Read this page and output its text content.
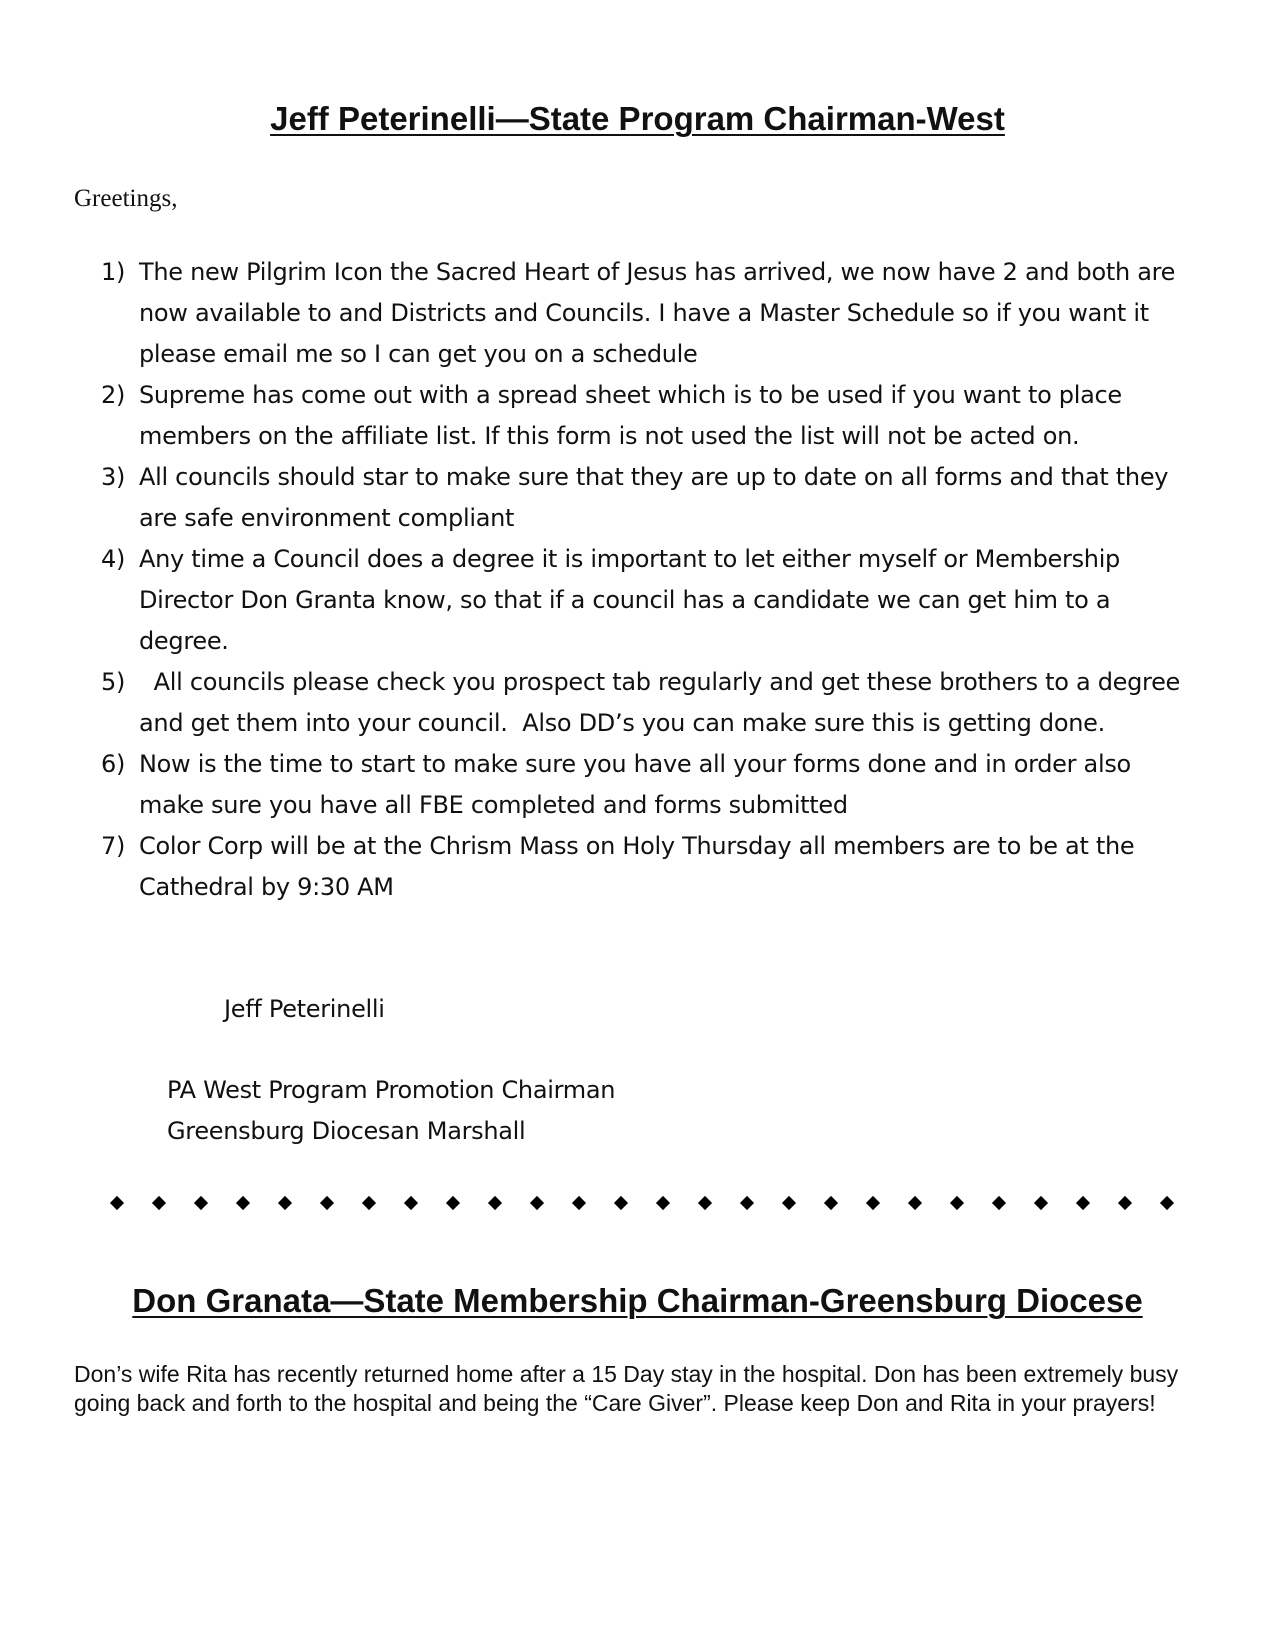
Jeff Peterinelli—State Program Chairman-West

Greetings,

1) The new Pilgrim Icon the Sacred Heart of Jesus has arrived, we now have 2 and both are now available to and Districts and Councils. I have a Master Schedule so if you want it please email me so I can get you on a schedule
2) Supreme has come out with a spread sheet which is to be used if you want to place members on the affiliate list. If this form is not used the list will not be acted on.
3) All councils should star to make sure that they are up to date on all forms and that they are safe environment compliant
4) Any time a Council does a degree it is important to let either myself or Membership Director Don Granta know, so that if a council has a candidate we can get him to a degree.
5) All councils please check you prospect tab regularly and get these brothers to a degree and get them into your council.  Also DD’s you can make sure this is getting done.
6) Now is the time to start to make sure you have all your forms done and in order also make sure you have all FBE completed and forms submitted
7) Color Corp will be at the Chrism Mass on Holy Thursday all members are to be at the Cathedral by 9:30 AM

Jeff Peterinelli

PA West Program Promotion Chairman

Greensburg Diocesan Marshall

Don Granata—State Membership Chairman-Greensburg Diocese

Don’s wife Rita has recently returned home after a 15 Day stay in the hospital. Don has been extremely busy going back and forth to the hospital and being the “Care Giver”. Please keep Don and Rita in your prayers!
